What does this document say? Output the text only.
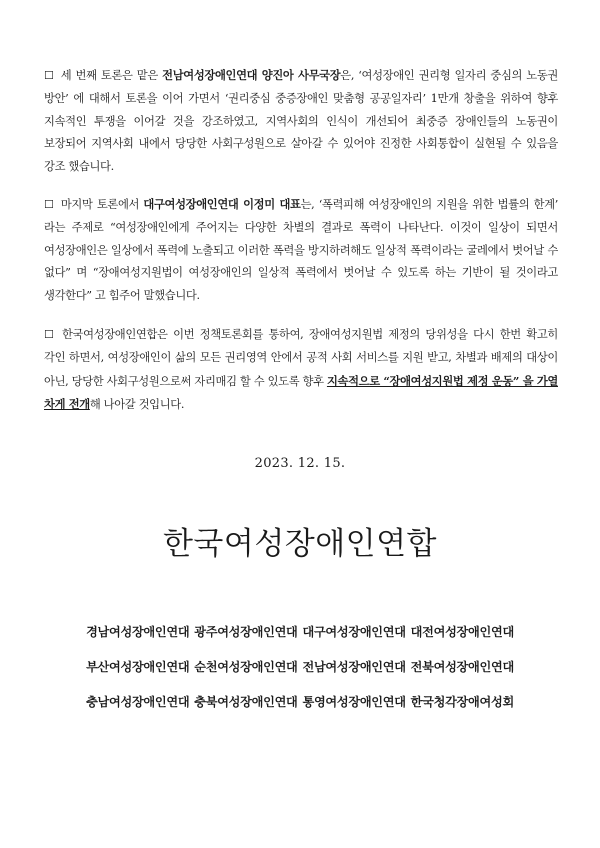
☐ 세 번째 토론은 맡은 전남여성장애인연대 양진아 사무국장은, ‘여성장애인 권리형 일자리 중심의 노동권 방안’ 에 대해서 토론을 이어 가면서 ‘권리중심 중증장애인 맞춤형 공공일자리’ 1만개 창출을 위하여 향후 지속적인 투쟁을 이어갈 것을 강조하였고, 지역사회의 인식이 개선되어 최중증 장애인들의 노동권이 보장되어 지역사회 내에서 당당한 사회구성원으로 살아갈 수 있어야 진정한 사회통합이 실현될 수 있음을 강조 했습니다.

☐ 마지막 토론에서 대구여성장애인연대 이정미 대표는, ‘폭력피해 여성장애인의 지원을 위한 법률의 한계’ 라는 주제로 “여성장애인에게 주어지는 다양한 차별의 결과로 폭력이 나타난다. 이것이 일상이 되면서 여성장애인은 일상에서 폭력에 노출되고 이러한 폭력을 방지하려해도 일상적 폭력이라는 굴레에서 벗어날 수 없다” 며 “장애여성지원법이 여성장애인의 일상적 폭력에서 벗어날 수 있도록 하는 기반이 될 것이라고 생각한다” 고 힘주어 말했습니다.

☐ 한국여성장애인연합은 이번 정책토론회를 통하여, 장애여성지원법 제정의 당위성을 다시 한번 확고히 각인 하면서, 여성장애인이 삶의 모든 권리영역 안에서 공적 사회 서비스를 지원 받고, 차별과 배제의 대상이 아닌, 당당한 사회구성원으로써 자리매김 할 수 있도록 향후 지속적으로 “장애여성지원법 제정 운동” 을 가열 차게 전개해 나아갈 것입니다.

2023. 12. 15.
한국여성장애인연합
경남여성장애인연대 광주여성장애인연대 대구여성장애인연대 대전여성장애인연대
부산여성장애인연대 순천여성장애인연대 전남여성장애인연대 전북여성장애인연대
충남여성장애인연대 충북여성장애인연대 통영여성장애인연대 한국청각장애여성회
